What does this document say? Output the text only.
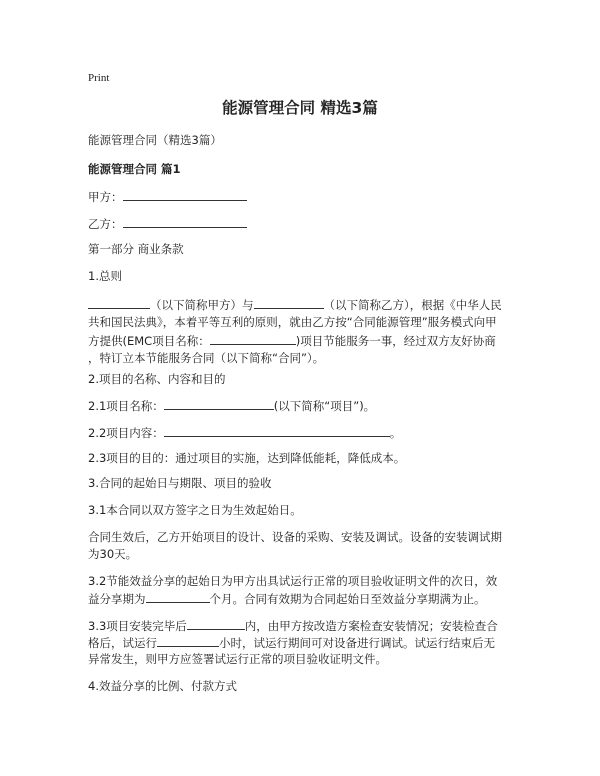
Print
能源管理合同 精选3篇
能源管理合同（精选3篇）
能源管理合同 篇1
甲方：
乙方：
第一部分 商业条款
1.总则
（以下简称甲方）与	（以下简称乙方），根据《中华人民
共和国民法典》，本着平等互利的原则，就由乙方按“合同能源管理”服务模式向甲
方提供(EMC项目名称：	)项目节能服务一事，经过双方友好协商
，特订立本节能服务合同（以下简称“合同”）。
2.项目的名称、内容和目的
2.1项目名称：	(以下简称“项目”)。
2.2项目内容：	。
2.3项目的目的：通过项目的实施，达到降低能耗，降低成本。
3.合同的起始日与期限、项目的验收
3.1本合同以双方签字之日为生效起始日。
合同生效后，乙方开始项目的设计、设备的采购、安装及调试。设备的安装调试期
为30天。
3.2节能效益分享的起始日为甲方出具试运行正常的项目验收证明文件的次日，效
益分享期为	个月。合同有效期为合同起始日至效益分享期满为止。
3.3项目安装完毕后	内，由甲方按改造方案检查安装情况；安装检查合
格后，试运行	小时，试运行期间可对设备进行调试。试运行结束后无
异常发生，则甲方应签署试运行正常的项目验收证明文件。
4.效益分享的比例、付款方式
